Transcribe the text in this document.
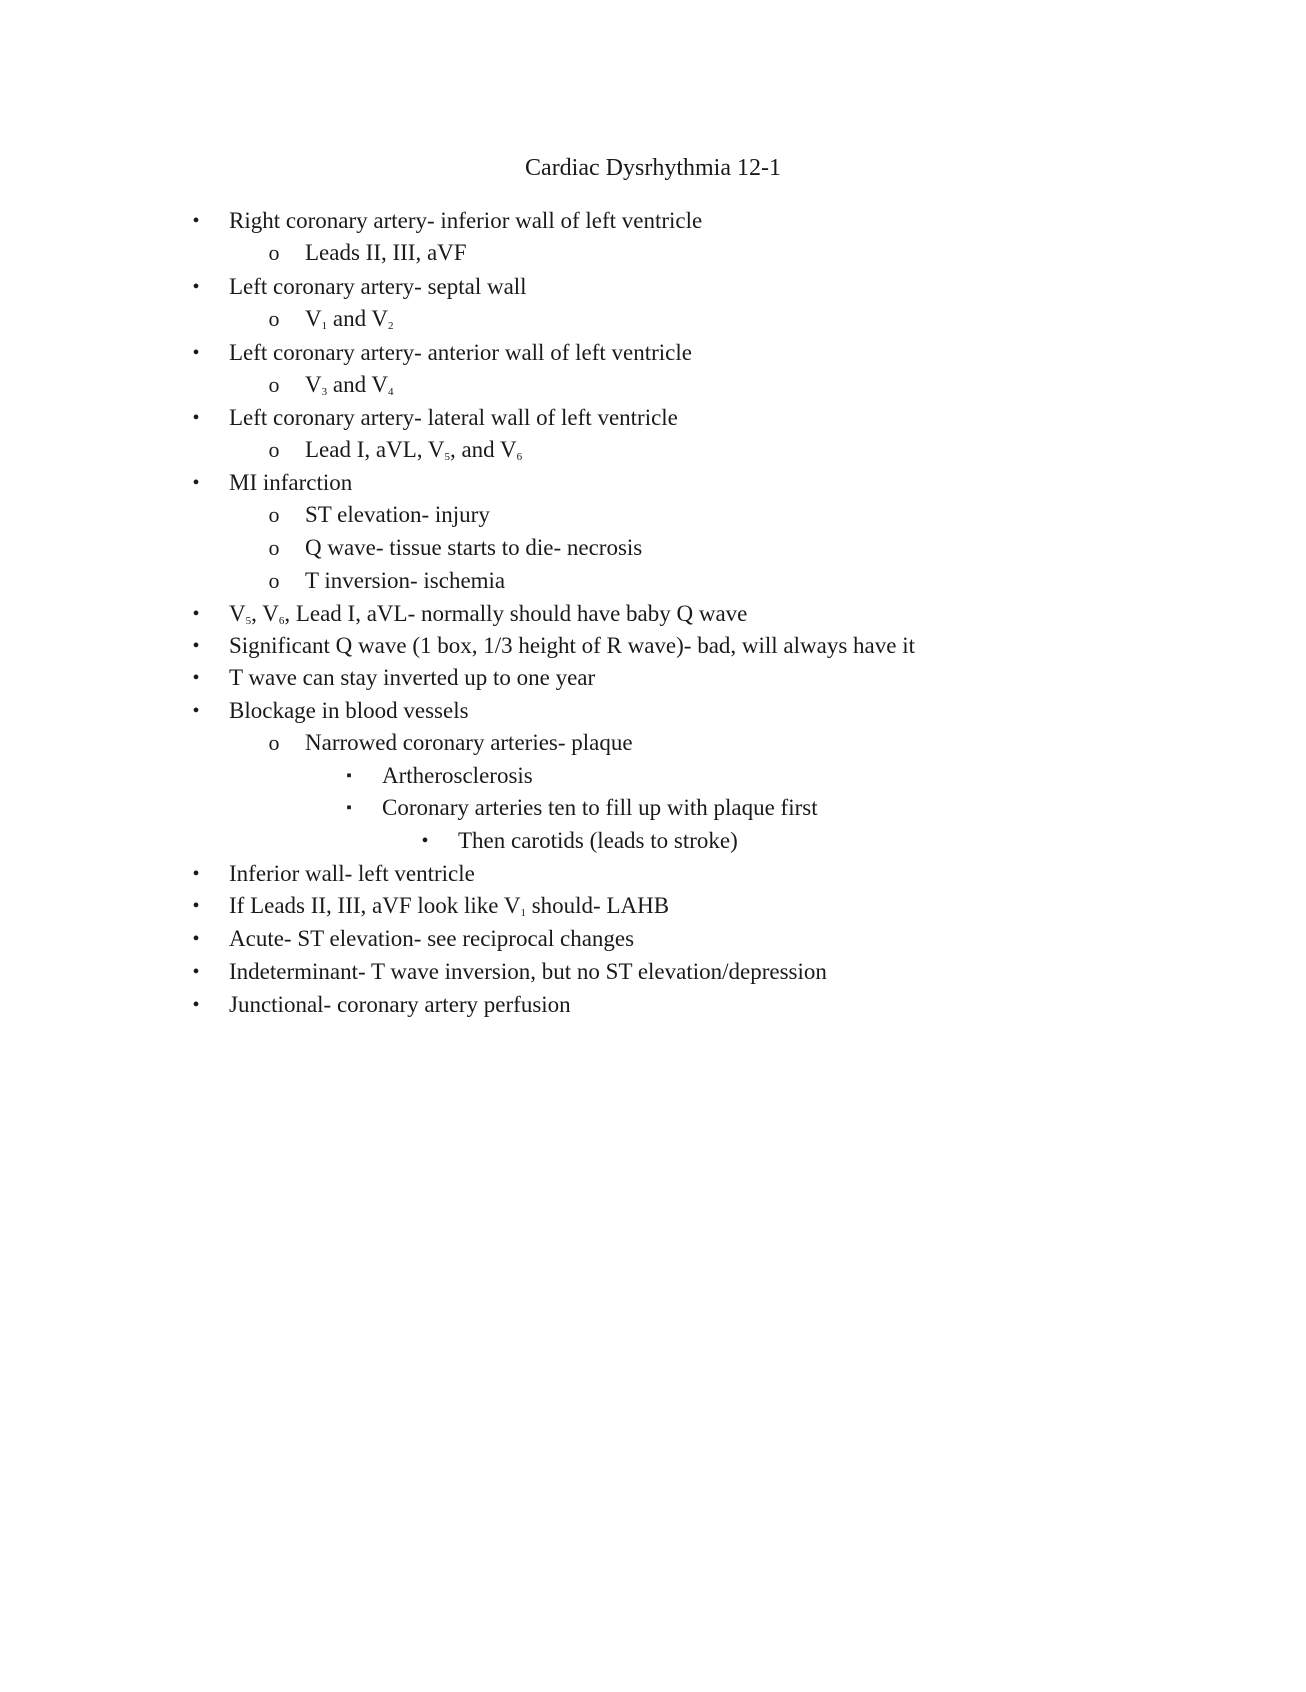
Cardiac Dysrhythmia 12-1
• Right coronary artery- inferior wall of left ventricle
o Leads II, III, aVF
• Left coronary artery- septal wall
o $V_1$ and $V_2$
• Left coronary artery- anterior wall of left ventricle
o $V_3$ and $V_4$
• Left coronary artery- lateral wall of left ventricle
o Lead I, aVL, $V_5$, and $V_6$
• MI infarction
o ST elevation- injury
o Q wave- tissue starts to die- necrosis
o T inversion- ischemia
• $V_5$, $V_6$, Lead I, aVL- normally should have baby Q wave
• Significant Q wave (1 box, 1/3 height of R wave)- bad, will always have it
• T wave can stay inverted up to one year
• Blockage in blood vessels
o Narrowed coronary arteries- plaque
▪	Artherosclerosis
▪	Coronary arteries ten to fill up with plaque first
• Then carotids (leads to stroke)
• Inferior wall- left ventricle
• If Leads II, III, aVF look like $V_1$ should- LAHB
• Acute- ST elevation- see reciprocal changes
• Indeterminant- T wave inversion, but no ST elevation/depression
• Junctional- coronary artery perfusion
